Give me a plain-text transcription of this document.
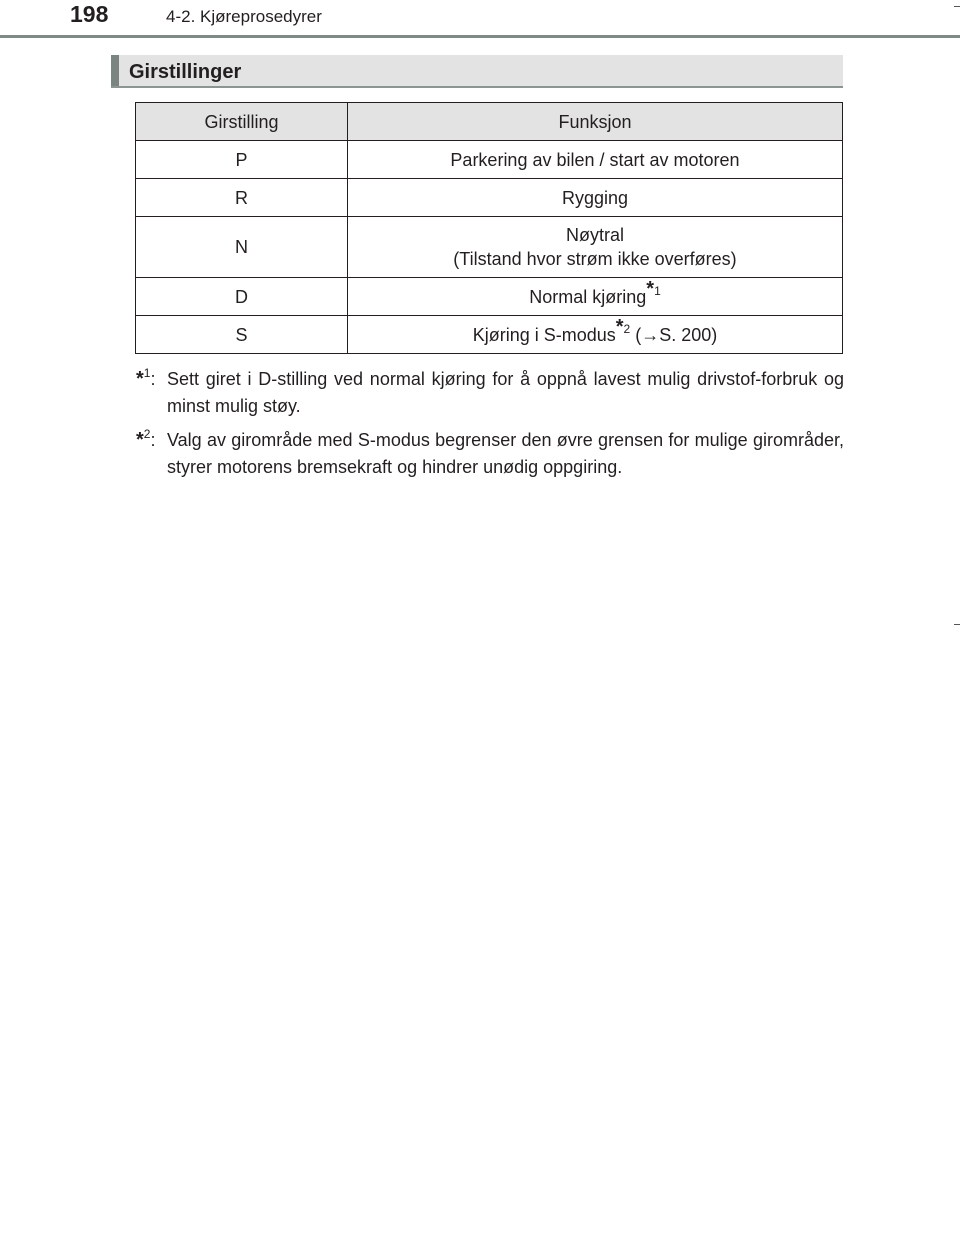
198	4-2. Kjøreprosedyrer
Girstillinger
Girstilling	Funksjon
P	Parkering av bilen / start av motoren
R	Rygging
N	Nøytral
(Tilstand hvor strøm ikke overføres)

D	Normal kjøring$^{*1}$
S	Kjøring i S-modus$^{*2}$ (→S. 200)
*$^1$: Sett giret i D-stilling ved normal kjøring for å oppnå lavest mulig drivstof-forbruk og minst mulig støy.
*$^2$: Valg av girområde med S-modus begrenser den øvre grensen for mulige girområder, styrer motorens bremsekraft og hindrer unødig oppgiring.
